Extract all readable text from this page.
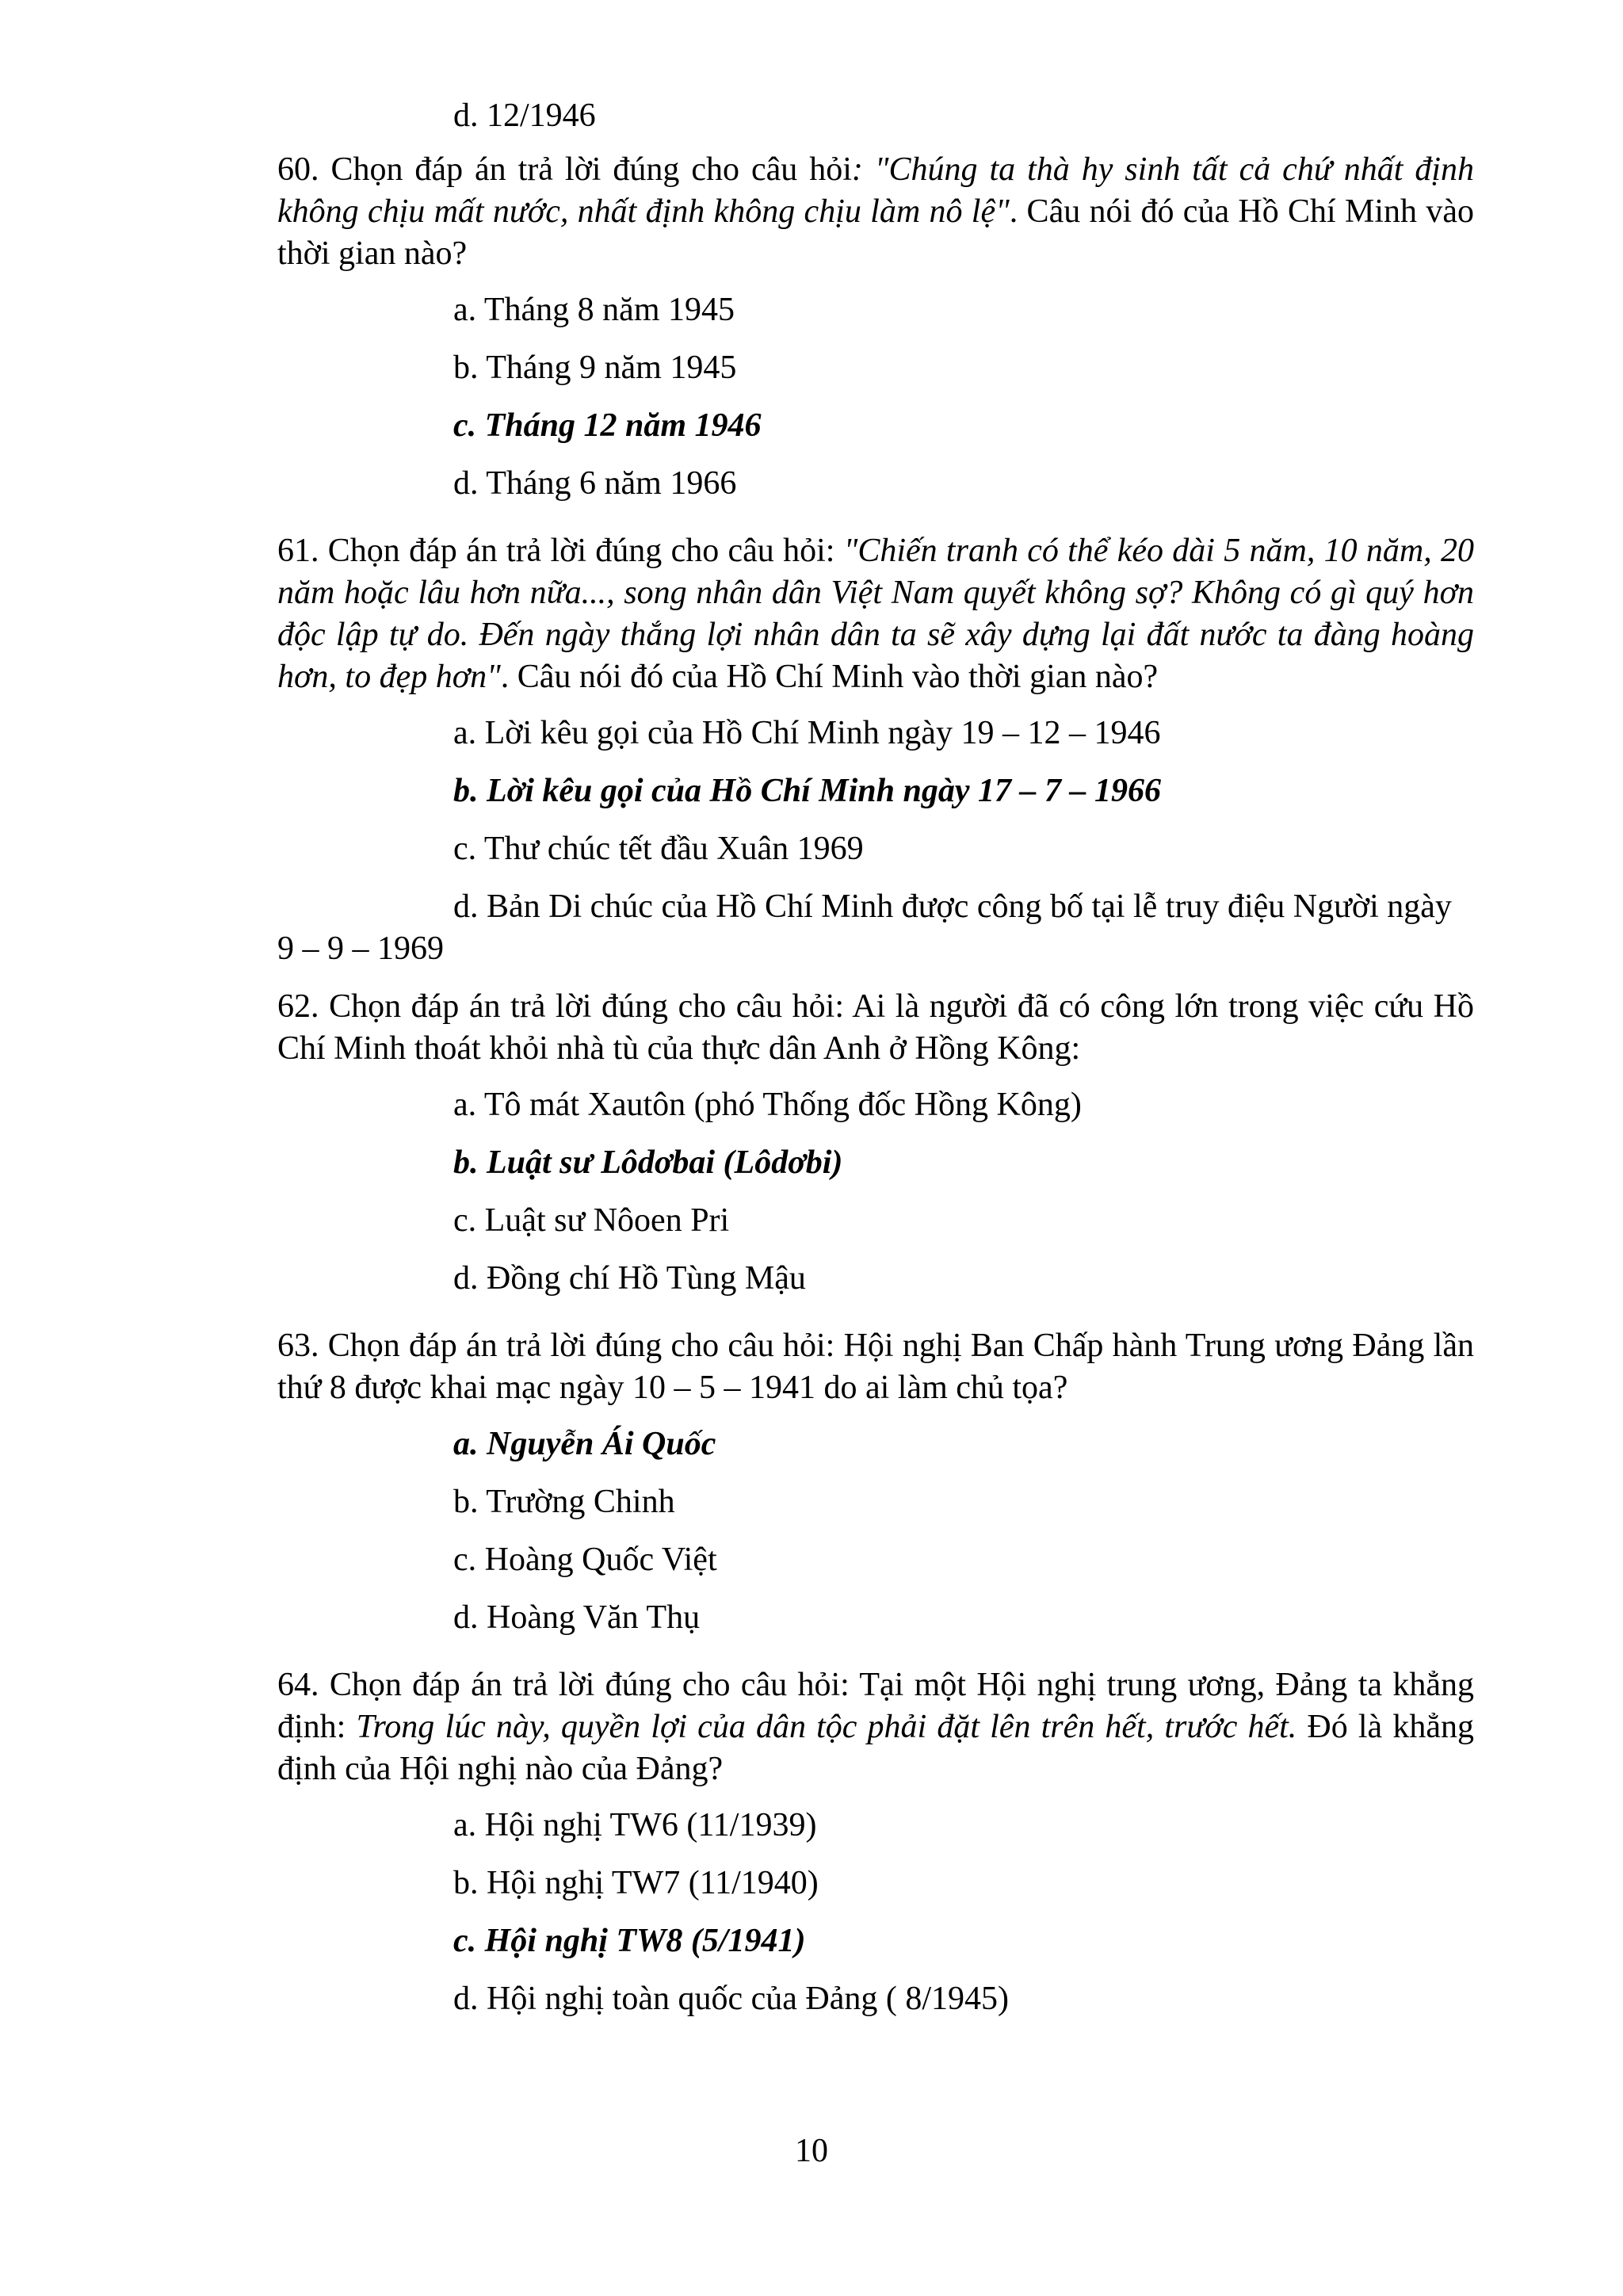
d. 12/1946
60. Chọn đáp án trả lời đúng cho câu hỏi: "Chúng ta thà hy sinh tất cả chứ nhất định không chịu mất nước, nhất định không chịu làm nô lệ". Câu nói đó của Hồ Chí Minh vào thời gian nào?
a. Tháng 8 năm 1945
b. Tháng 9 năm 1945
c. Tháng 12 năm 1946
d. Tháng 6 năm 1966
61. Chọn đáp án trả lời đúng cho câu hỏi: "Chiến tranh có thể kéo dài 5 năm, 10 năm, 20 năm hoặc lâu hơn nữa..., song nhân dân Việt Nam quyết không sợ? Không có gì quý hơn độc lập tự do. Đến ngày thắng lợi nhân dân ta sẽ xây dựng lại đất nước ta đàng hoàng hơn, to đẹp hơn". Câu nói đó của Hồ Chí Minh vào thời gian nào?
a. Lời kêu gọi của Hồ Chí Minh ngày 19 – 12 – 1946
b. Lời kêu gọi của Hồ Chí Minh ngày 17 – 7 – 1966
c. Thư chúc tết đầu Xuân 1969
d. Bản Di chúc của Hồ Chí Minh được công bố tại lễ truy điệu Người ngày 9 – 9 – 1969
62. Chọn đáp án trả lời đúng cho câu hỏi: Ai là người đã có công lớn trong việc cứu Hồ Chí Minh thoát khỏi nhà tù của thực dân Anh ở Hồng Kông:
a. Tô mát Xautôn (phó Thống đốc Hồng Kông)
b. Luật sư Lôdơbai (Lôdơbi)
c. Luật sư Nôoen Pri
d. Đồng chí Hồ Tùng Mậu
63. Chọn đáp án trả lời đúng cho câu hỏi: Hội nghị Ban Chấp hành Trung ương Đảng lần thứ 8 được khai mạc ngày 10 – 5 – 1941 do ai làm chủ tọa?
a. Nguyễn Ái Quốc
b. Trường Chinh
c. Hoàng Quốc Việt
d. Hoàng Văn Thụ
64. Chọn đáp án trả lời đúng cho câu hỏi: Tại một Hội nghị trung ương, Đảng ta khẳng định: Trong lúc này, quyền lợi của dân tộc phải đặt lên trên hết, trước hết. Đó là khẳng định của Hội nghị nào của Đảng?
a. Hội nghị TW6 (11/1939)
b. Hội nghị TW7 (11/1940)
c. Hội nghị TW8 (5/1941)
d. Hội nghị toàn quốc của Đảng ( 8/1945)
10
